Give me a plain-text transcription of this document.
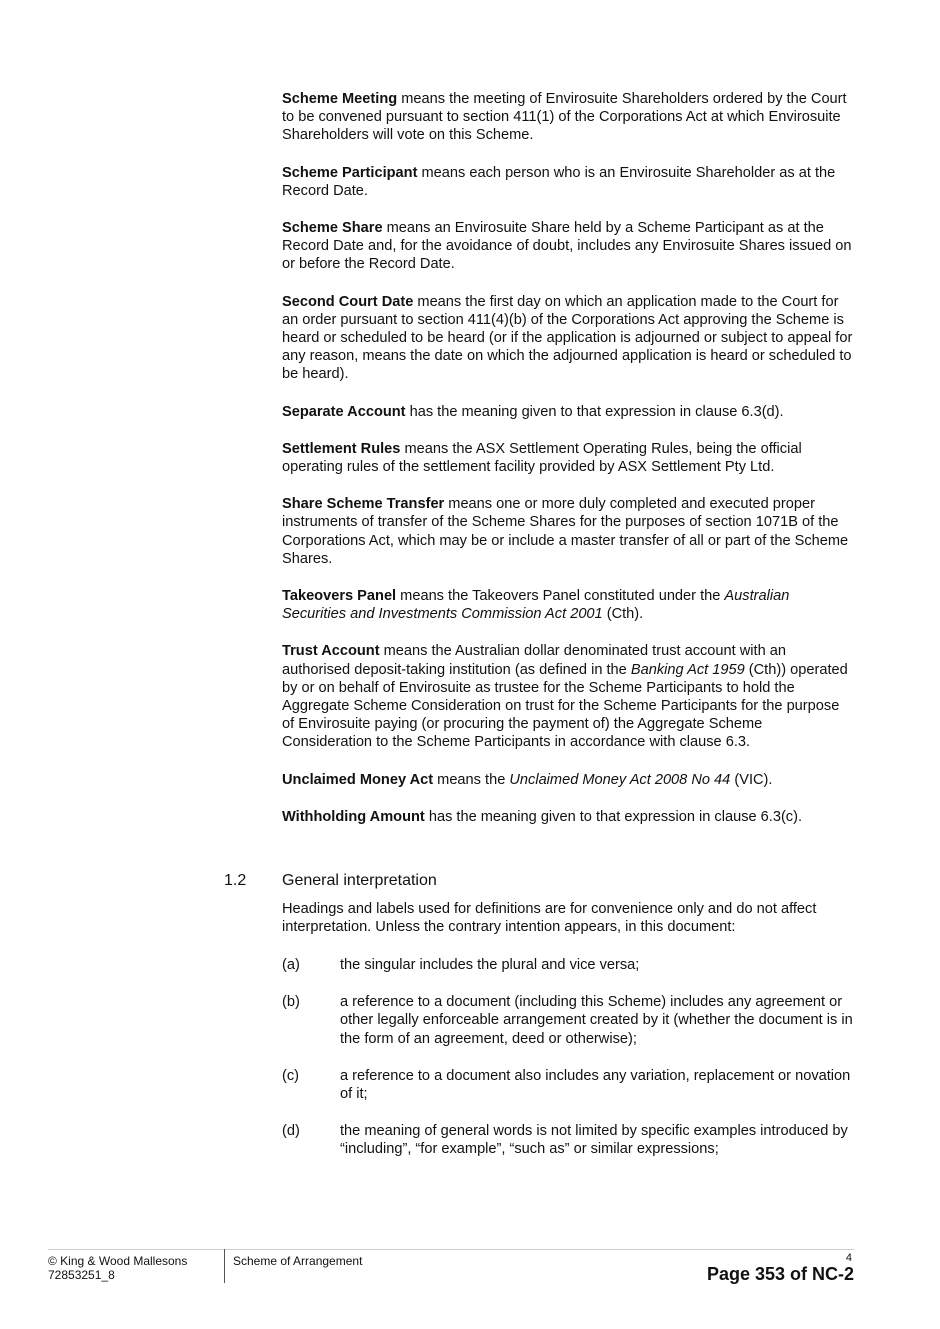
Scheme Meeting means the meeting of Envirosuite Shareholders ordered by the Court to be convened pursuant to section 411(1) of the Corporations Act at which Envirosuite Shareholders will vote on this Scheme.

Scheme Participant means each person who is an Envirosuite Shareholder as at the Record Date.

Scheme Share means an Envirosuite Share held by a Scheme Participant as at the Record Date and, for the avoidance of doubt, includes any Envirosuite Shares issued on or before the Record Date.

Second Court Date means the first day on which an application made to the Court for an order pursuant to section 411(4)(b) of the Corporations Act approving the Scheme is heard or scheduled to be heard (or if the application is adjourned or subject to appeal for any reason, means the date on which the adjourned application is heard or scheduled to be heard).

Separate Account has the meaning given to that expression in clause 6.3(d).

Settlement Rules means the ASX Settlement Operating Rules, being the official operating rules of the settlement facility provided by ASX Settlement Pty Ltd.

Share Scheme Transfer means one or more duly completed and executed proper instruments of transfer of the Scheme Shares for the purposes of section 1071B of the Corporations Act, which may be or include a master transfer of all or part of the Scheme Shares.

Takeovers Panel means the Takeovers Panel constituted under the Australian Securities and Investments Commission Act 2001 (Cth).

Trust Account means the Australian dollar denominated trust account with an authorised deposit-taking institution (as defined in the Banking Act 1959 (Cth)) operated by or on behalf of Envirosuite as trustee for the Scheme Participants to hold the Aggregate Scheme Consideration on trust for the Scheme Participants for the purpose of Envirosuite paying (or procuring the payment of) the Aggregate Scheme Consideration to the Scheme Participants in accordance with clause 6.3.

Unclaimed Money Act means the Unclaimed Money Act 2008 No 44 (VIC).

Withholding Amount has the meaning given to that expression in clause 6.3(c).

1.2 General interpretation

Headings and labels used for definitions are for convenience only and do not affect interpretation. Unless the contrary intention appears, in this document:

(a)	the singular includes the plural and vice versa;
(b)	a reference to a document (including this Scheme) includes any agreement or other legally enforceable arrangement created by it (whether the document is in the form of an agreement, deed or otherwise);
(c)	a reference to a document also includes any variation, replacement or novation of it;
(d)	the meaning of general words is not limited by specific examples introduced by “including”, “for example”, “such as” or similar expressions;
© King & Wood Mallesons
72853251_8
Scheme of Arrangement	4
Page 353 of NC-2
